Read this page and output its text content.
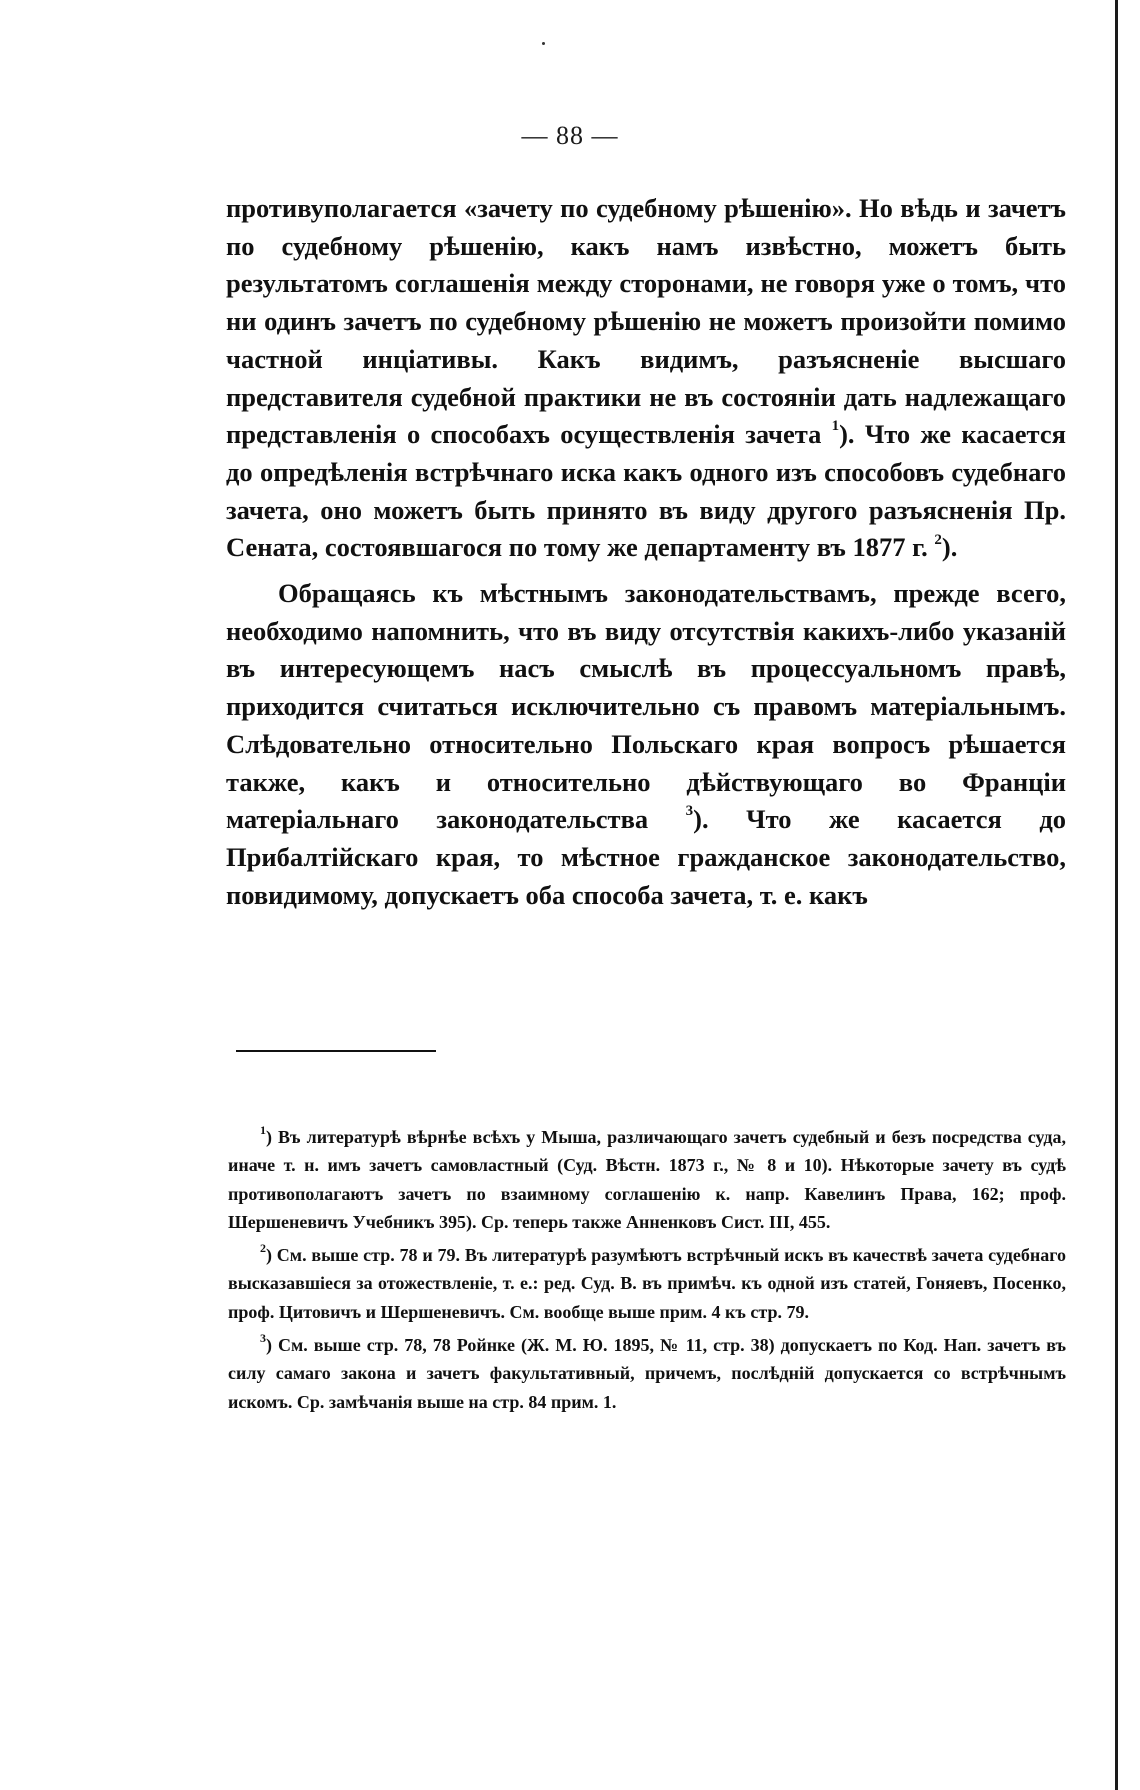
— 88 —

противуполагается «зачету по судебному рѣшенію». Но вѣдь и зачетъ по судебному рѣшенію, какъ намъ извѣстно, можетъ быть результатомъ соглашенія между сторонами, не говоря уже о томъ, что ни одинъ зачетъ по судебному рѣшенію не можетъ произойти помимо частной инціативы. Какъ видимъ, разъясненіе высшаго представителя судебной практики не въ состояніи дать надлежащаго представленія о способахъ осуществленія зачета $^1$). Что же касается до опредѣленія встрѣчнаго иска какъ одного изъ способовъ судебнаго зачета, оно можетъ быть принято въ виду другого разъясненія Пр. Сената, состоявшагося по тому же департаменту въ 1877 г. $^2$).

Обращаясь къ мѣстнымъ законодательствамъ, прежде всего, необходимо напомнить, что въ виду отсутствія какихъ-либо указаній въ интересующемъ насъ смыслѣ въ процессуальномъ правѣ, приходится считаться исключительно съ правомъ матеріальнымъ. Слѣдовательно относительно Польскаго края вопросъ рѣшается также, какъ и относительно дѣйствующаго во Франціи матеріальнаго законодательства $^3$). Что же касается до Прибалтійскаго края, то мѣстное гражданское законодательство, повидимому, допускаетъ оба способа зачета, т. е. какъ

$^1$) Въ литературѣ вѣрнѣе всѣхъ у Мыша, различающаго зачетъ судебный и безъ посредства суда, иначе т. н. имъ зачетъ самовластный (Суд. Вѣстн. 1873 г., № 8 и 10). Нѣкоторые зачету въ судѣ противополагаютъ зачетъ по взаимному соглашенію к. напр. Кавелинъ Права, 162; проф. Шершеневичъ Учебникъ 395). Ср. теперь также Анненковъ Сист. III, 455.

$^2$) См. выше стр. 78 и 79. Въ литературѣ разумѣютъ встрѣчный искъ въ качествѣ зачета судебнаго высказавшіеся за отожествленіе, т. е.: ред. Суд. В. въ примѣч. къ одной изъ статей, Гоняевъ, Посенко, проф. Цитовичъ и Шершеневичъ. См. вообще выше прим. 4 къ стр. 79.

$^3$) См. выше стр. 78, 78 Ройнке (Ж. М. Ю. 1895, № 11, стр. 38) допускаетъ по Код. Нап. зачетъ въ силу самаго закона и зачетъ факультативный, причемъ, послѣдній допускается со встрѣчнымъ искомъ. Ср. замѣчанія выше на стр. 84 прим. 1.
